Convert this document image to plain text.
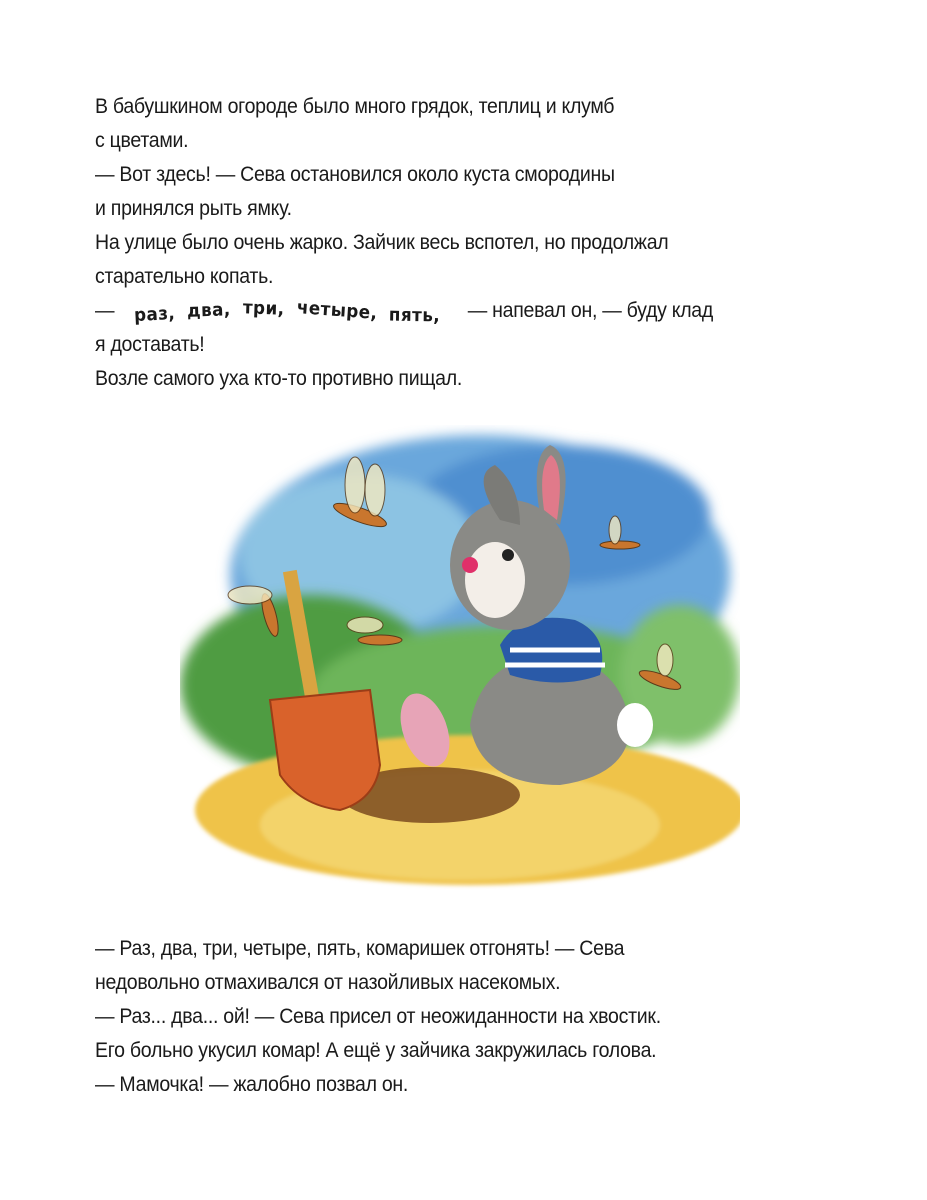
В бабушкином огороде было много грядок, теплиц и клумб
с цветами.
— Вот здесь! — Сева остановился около куста смородины
и принялся рыть ямку.
На улице было очень жарко. Зайчик весь вспотел, но продолжал
старательно копать.
— раз, два, три, четыре, пять, — напевал он, — буду клад
я доставать!
Возле самого уха кто-то противно пищал.
— Раз, два, три, четыре, пять, комаришек отгонять! — Сева
недовольно отмахивался от назойливых насекомых.
— Раз... два... ой! — Сева присел от неожиданности на хвостик.
Его больно укусил комар! А ещё у зайчика закружилась голова.
— Мамочка! — жалобно позвал он.
